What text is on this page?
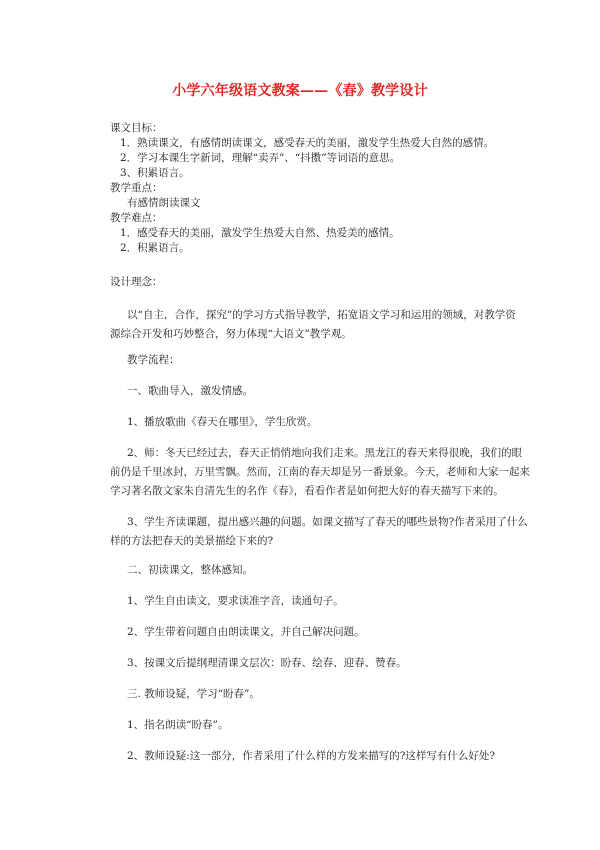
小学六年级语文教案——《春》教学设计
课文目标：
1．熟读课文，有感情朗读课文，感受春天的美丽，激发学生热爱大自然的感情。
2．学习本课生字新词，理解“卖弄”、“抖擞”等词语的意思。
3、积累语言。
教学重点：
有感情朗读课文
教学难点：
1．感受春天的美丽，激发学生热爱大自然、热爱美的感情。
2．积累语言。
设计理念：
以“自主，合作，探究”的学习方式指导教学，拓宽语文学习和运用的领域，对教学资
源综合开发和巧妙整合，努力体现“大语文”教学观。
教学流程：
一、歌曲导入，激发情感。
1、播放歌曲《春天在哪里》，学生欣赏。
2、师：冬天已经过去，春天正悄悄地向我们走来。黑龙江的春天来得很晚，我们的眼
前仍是千里冰封，万里雪飘。然而，江南的春天却是另一番景象。今天，老师和大家一起来
学习著名散文家朱自清先生的名作《春》，看看作者是如何把大好的春天描写下来的。
3、学生齐读课题，提出感兴趣的问题。如课文描写了春天的哪些景物?作者采用了什么
样的方法把春天的美景描绘下来的?
二、初读课文，整体感知。
1、学生自由读文，要求读准字音，读通句子。
2、学生带着问题自由朗读课文，并自己解决问题。
3、按课文后提纲理清课文层次：盼春、绘春、迎春、赞春。
三. 教师设疑，学习“盼春”。
1、指名朗读“盼春”。
2、教师设疑:这一部分，作者采用了什么样的方发来描写的?这样写有什么好处?
